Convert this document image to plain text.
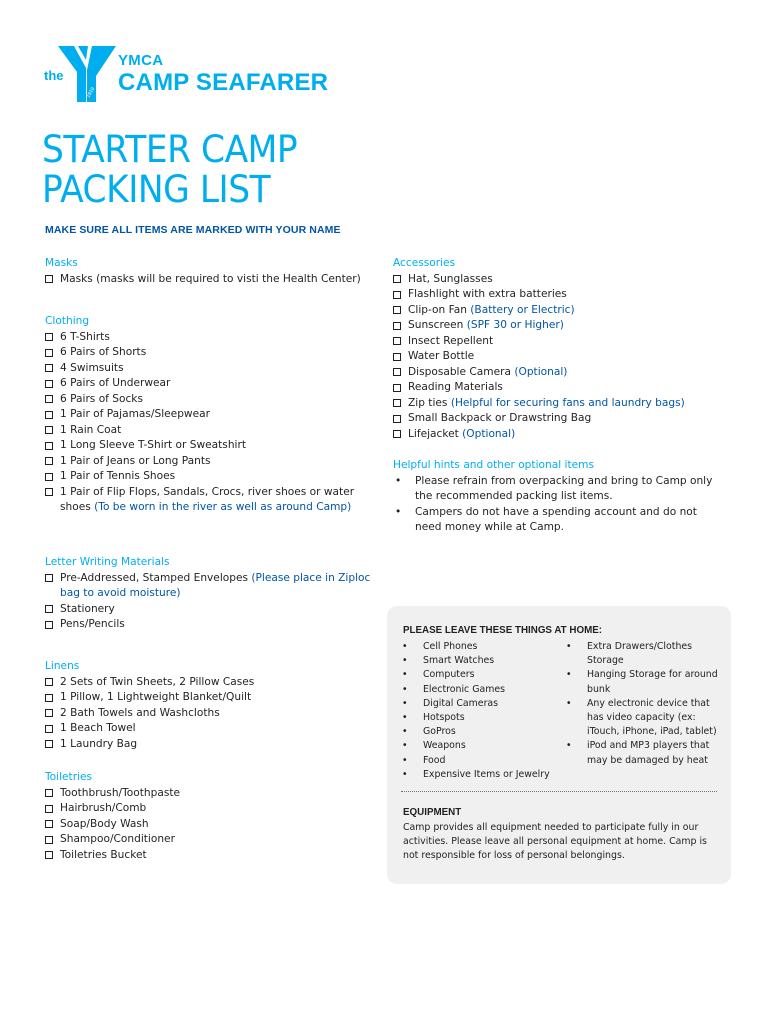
the
1919
YMCA
CAMP SEAFARER
STARTER CAMP
PACKING LIST
MAKE SURE ALL ITEMS ARE MARKED WITH YOUR NAME
Masks
Masks (masks will be required to visti the Health Center)
Clothing
6 T-Shirts
6 Pairs of Shorts
4 Swimsuits
6 Pairs of Underwear
6 Pairs of Socks
1 Pair of Pajamas/Sleepwear
1 Rain Coat
1 Long Sleeve T-Shirt or Sweatshirt
1 Pair of Jeans or Long Pants
1 Pair of Tennis Shoes
1 Pair of Flip Flops, Sandals, Crocs, river shoes or water shoes (To be worn in the river as well as around Camp)
Letter Writing Materials
Pre-Addressed, Stamped Envelopes (Please place in Ziploc bag to avoid moisture)
Stationery
Pens/Pencils
Linens
2 Sets of Twin Sheets, 2 Pillow Cases
1 Pillow, 1 Lightweight Blanket/Quilt
2 Bath Towels and Washcloths
1 Beach Towel
1 Laundry Bag
Toiletries
Toothbrush/Toothpaste
Hairbrush/Comb
Soap/Body Wash
Shampoo/Conditioner
Toiletries Bucket
Accessories
Hat, Sunglasses
Flashlight with extra batteries
Clip-on Fan (Battery or Electric)
Sunscreen (SPF 30 or Higher)
Insect Repellent
Water Bottle
Disposable Camera (Optional)
Reading Materials
Zip ties (Helpful for securing fans and laundry bags)
Small Backpack or Drawstring Bag
Lifejacket (Optional)
Helpful hints and other optional items
• Please refrain from overpacking and bring to Camp only the recommended packing list items.
• Campers do not have a spending account and do not need money while at Camp.
PLEASE LEAVE THESE THINGS AT HOME:
• Cell Phones
• Smart Watches
• Computers
• Electronic Games
• Digital Cameras
• Hotspots
• GoPros
• Weapons
• Food
• Expensive Items or Jewelry
• Extra Drawers/Clothes Storage
• Hanging Storage for around bunk
• Any electronic device that has video capacity (ex: iTouch, iPhone, iPad, tablet)
• iPod and MP3 players that may be damaged by heat
EQUIPMENT
Camp provides all equipment needed to participate fully in our activities. Please leave all personal equipment at home. Camp is not responsible for loss of personal belongings.
